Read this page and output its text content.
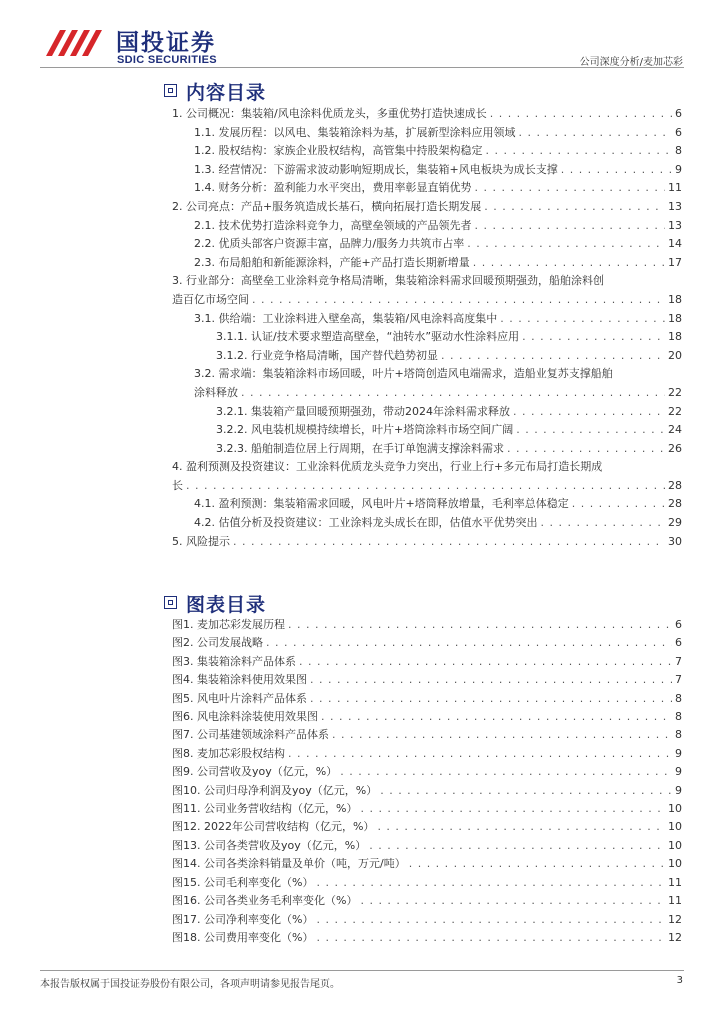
国投证券
SDIC SECURITIES	公司深度分析/麦加芯彩
内容目录
1. 公司概况：集装箱/风电涂料优质龙头，多重优势打造快速成长 . . .	6
1.1. 发展历程：以风电、集装箱涂料为基，扩展新型涂料应用领域 . . .	6
1.2. 股权结构：家族企业股权结构，高管集中持股架构稳定 . . .	8
1.3. 经营情况：下游需求波动影响短期成长，集装箱+风电板块为成长支撑 . . .	9
1.4. 财务分析：盈利能力水平突出，费用率彰显直销优势 . . .	11
2. 公司亮点：产品+服务筑造成长基石，横向拓展打造长期发展 . . .	13
2.1. 技术优势打造涂料竞争力，高壁垒领域的产品领先者 . . .	13
2.2. 优质头部客户资源丰富，品牌力/服务力共筑市占率 . . .	14
2.3. 布局船舶和新能源涂料，产能+产品打造长期新增量 . . .	17
3. 行业部分：高壁垒工业涂料竞争格局清晰，集装箱涂料需求回暖预期强劲，船舶涂料创
造百亿市场空间 . . .	18
3.1. 供给端：工业涂料进入壁垒高，集装箱/风电涂料高度集中 . . .	18
3.1.1. 认证/技术要求塑造高壁垒，“油转水”驱动水性涂料应用 . . .	18
3.1.2. 行业竞争格局清晰，国产替代趋势初显 . . .	20
3.2. 需求端：集装箱涂料市场回暖，叶片+塔筒创造风电端需求，造船业复苏支撑船舶
涂料释放 . . .	22
3.2.1. 集装箱产量回暖预期强劲，带动2024年涂料需求释放 . . .	22
3.2.2. 风电装机规模持续增长，叶片+塔筒涂料市场空间广阔 . . .	24
3.2.3. 船舶制造位居上行周期，在手订单饱满支撑涂料需求 . . .	26
4. 盈利预测及投资建议：工业涂料优质龙头竞争力突出，行业上行+多元布局打造长期成
长 . . .	28
4.1. 盈利预测：集装箱需求回暖，风电叶片+塔筒释放增量，毛利率总体稳定 . . .	28
4.2. 估值分析及投资建议：工业涂料龙头成长在即，估值水平优势突出 . . .	29
5. 风险提示 . . .	30
图表目录
图1. 麦加芯彩发展历程 . . .	6
图2. 公司发展战略 . . .	6
图3. 集装箱涂料产品体系 . . .	7
图4. 集装箱涂料使用效果图 . . .	7
图5. 风电叶片涂料产品体系 . . .	8
图6. 风电涂料涂装使用效果图 . . .	8
图7. 公司基建领域涂料产品体系 . . .	8
图8. 麦加芯彩股权结构 . . .	9
图9. 公司营收及yoy（亿元，%） . . .	9
图10. 公司归母净利润及yoy（亿元，%） . . .	9
图11. 公司业务营收结构（亿元，%） . . .	10
图12. 2022年公司营收结构（亿元，%） . . .	10
图13. 公司各类营收及yoy（亿元，%） . . .	10
图14. 公司各类涂料销量及单价（吨，万元/吨） . . .	10
图15. 公司毛利率变化（%） . . .	11
图16. 公司各类业务毛利率变化（%） . . .	11
图17. 公司净利率变化（%） . . .	12
图18. 公司费用率变化（%） . . .	12
本报告版权属于国投证券股份有限公司，各项声明请参见报告尾页。	3
